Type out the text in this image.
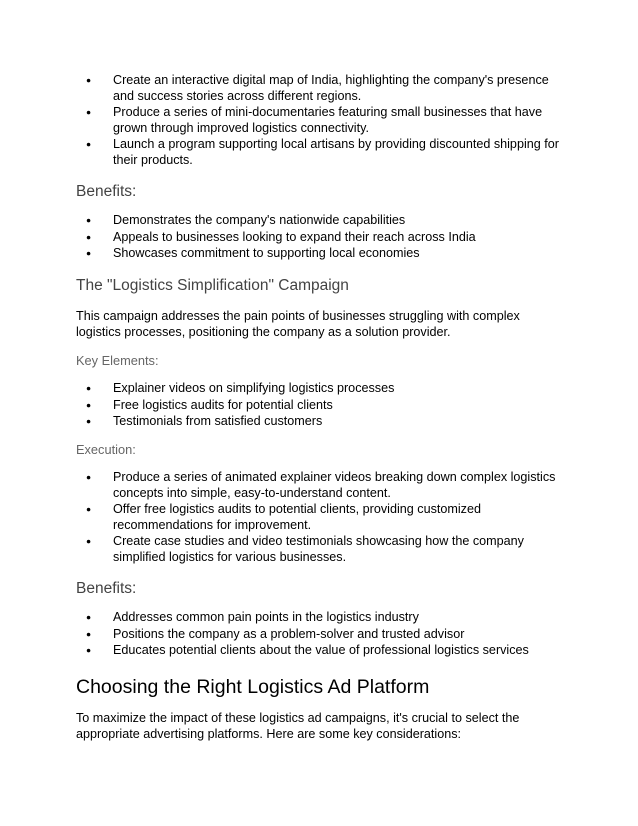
● Create an interactive digital map of India, highlighting the company's presence and success stories across different regions.
● Produce a series of mini-documentaries featuring small businesses that have grown through improved logistics connectivity.
● Launch a program supporting local artisans by providing discounted shipping for their products.
Benefits:
● Demonstrates the company's nationwide capabilities
● Appeals to businesses looking to expand their reach across India
● Showcases commitment to supporting local economies
The "Logistics Simplification" Campaign

This campaign addresses the pain points of businesses struggling with complex logistics processes, positioning the company as a solution provider.

Key Elements:
● Explainer videos on simplifying logistics processes
● Free logistics audits for potential clients
● Testimonials from satisfied customers
Execution:
● Produce a series of animated explainer videos breaking down complex logistics concepts into simple, easy-to-understand content.
● Offer free logistics audits to potential clients, providing customized recommendations for improvement.
● Create case studies and video testimonials showcasing how the company simplified logistics for various businesses.
Benefits:
● Addresses common pain points in the logistics industry
● Positions the company as a problem-solver and trusted advisor
● Educates potential clients about the value of professional logistics services
Choosing the Right Logistics Ad Platform

To maximize the impact of these logistics ad campaigns, it's crucial to select the appropriate advertising platforms. Here are some key considerations:
